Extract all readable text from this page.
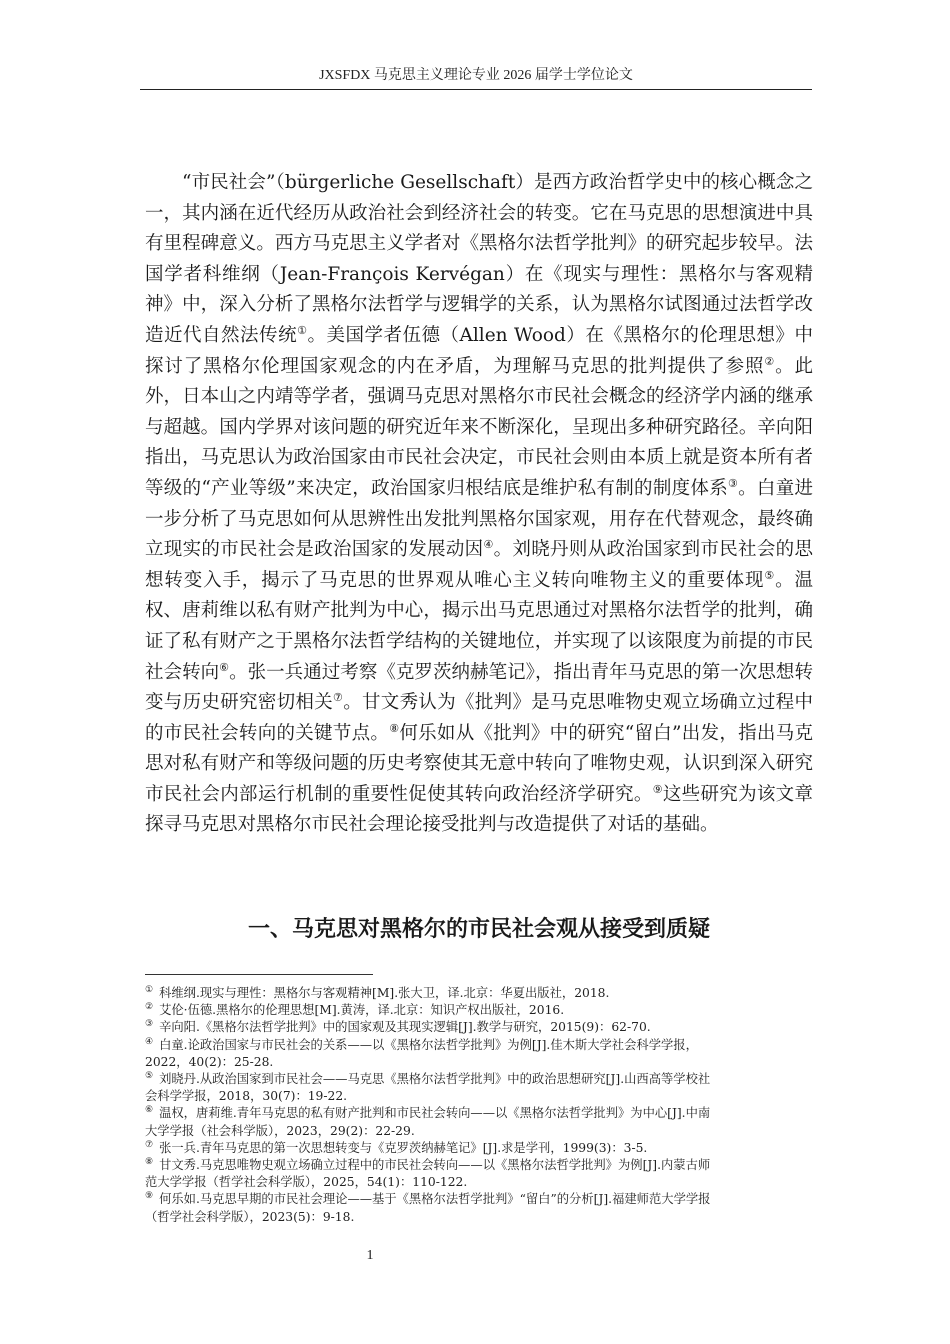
JXSFDX 马克思主义理论专业 2026 届学士学位论文

“市民社会”（bürgerliche Gesellschaft）是西方政治哲学史中的核心概念之一，其内涵在近代经历从政治社会到经济社会的转变。它在马克思的思想演进中具有里程碑意义。西方马克思主义学者对《黑格尔法哲学批判》的研究起步较早。法国学者科维纲（Jean-François Kervégan）在《现实与理性：黑格尔与客观精神》中，深入分析了黑格尔法哲学与逻辑学的关系，认为黑格尔试图通过法哲学改造近代自然法传统①。美国学者伍德（Allen Wood）在《黑格尔的伦理思想》中探讨了黑格尔伦理国家观念的内在矛盾，为理解马克思的批判提供了参照②。此外，日本山之内靖等学者，强调马克思对黑格尔市民社会概念的经济学内涵的继承与超越。国内学界对该问题的研究近年来不断深化，呈现出多种研究路径。辛向阳指出，马克思认为政治国家由市民社会决定，市民社会则由本质上就是资本所有者等级的“产业等级”来决定，政治国家归根结底是维护私有制的制度体系③。白童进一步分析了马克思如何从思辨性出发批判黑格尔国家观，用存在代替观念，最终确立现实的市民社会是政治国家的发展动因④。刘晓丹则从政治国家到市民社会的思想转变入手，揭示了马克思的世界观从唯心主义转向唯物主义的重要体现⑤。温权、唐莉维以私有财产批判为中心，揭示出马克思通过对黑格尔法哲学的批判，确证了私有财产之于黑格尔法哲学结构的关键地位，并实现了以该限度为前提的市民社会转向⑥。张一兵通过考察《克罗茨纳赫笔记》，指出青年马克思的第一次思想转变与历史研究密切相关⑦。甘文秀认为《批判》是马克思唯物史观立场确立过程中的市民社会转向的关键节点。⑧何乐如从《批判》中的研究“留白”出发，指出马克思对私有财产和等级问题的历史考察使其无意中转向了唯物史观，认识到深入研究市民社会内部运行机制的重要性促使其转向政治经济学研究。⑨这些研究为该文章探寻马克思对黑格尔市民社会理论接受批判与改造提供了对话的基础。

一、马克思对黑格尔的市民社会观从接受到质疑
① 科维纲.现实与理性：黑格尔与客观精神[M].张大卫，译.北京：华夏出版社，2018.
② 艾伦·伍德.黑格尔的伦理思想[M].黄涛，译.北京：知识产权出版社，2016.
③ 辛向阳.《黑格尔法哲学批判》中的国家观及其现实逻辑[J].教学与研究，2015(9)：62-70.
④ 白童.论政治国家与市民社会的关系——以《黑格尔法哲学批判》为例[J].佳木斯大学社会科学学报，
2022，40(2)：25-28.
⑤ 刘晓丹.从政治国家到市民社会——马克思《黑格尔法哲学批判》中的政治思想研究[J].山西高等学校社
会科学学报，2018，30(7)：19-22.
⑥ 温权，唐莉维.青年马克思的私有财产批判和市民社会转向——以《黑格尔法哲学批判》为中心[J].中南
大学学报（社会科学版），2023，29(2)：22-29.
⑦ 张一兵.青年马克思的第一次思想转变与《克罗茨纳赫笔记》[J].求是学刊，1999(3)：3-5.
⑧ 甘文秀.马克思唯物史观立场确立过程中的市民社会转向——以《黑格尔法哲学批判》为例[J].内蒙古师
范大学学报（哲学社会科学版），2025，54(1)：110-122.
⑨ 何乐如.马克思早期的市民社会理论——基于《黑格尔法哲学批判》“留白”的分析[J].福建师范大学学报
（哲学社会科学版），2023(5)：9-18.
1
